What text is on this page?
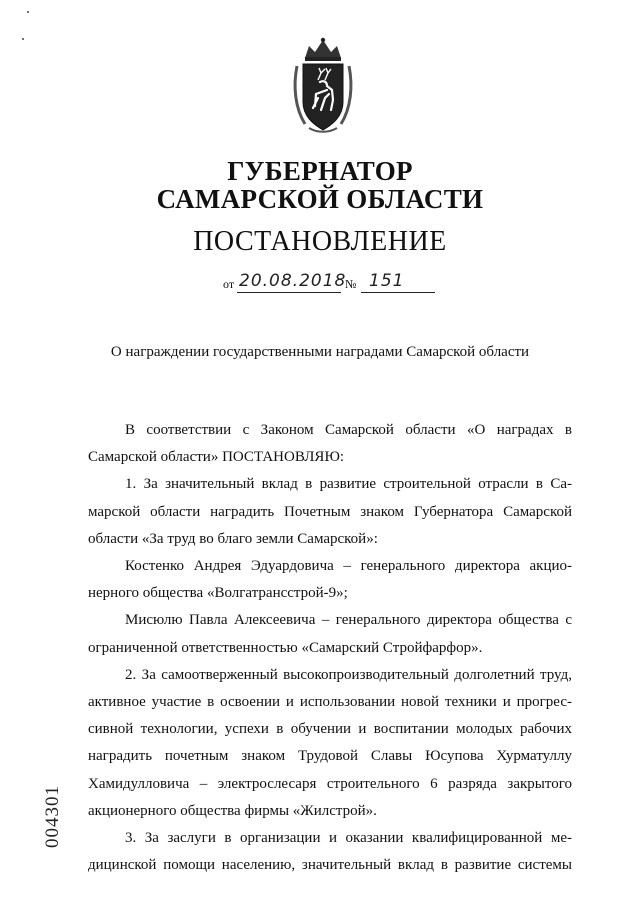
ГУБЕРНАТОР
САМАРСКОЙ ОБЛАСТИ
ПОСТАНОВЛЕНИЕ
от 20.08.2018
№ 151
О награждении государственными наградами Самарской области
В соответствии с Законом Самарской области «О наградах в
Самарской области» ПОСТАНОВЛЯЮ:
1. За значительный вклад в развитие строительной отрасли в Са-
марской области наградить Почетным знаком Губернатора Самарской
области «За труд во благо земли Самарской»:
Костенко Андрея Эдуардовича – генерального директора акцио-
нерного общества «Волгатрансстрой-9»;
Мисюлю Павла Алексеевича – генерального директора общества с
ограниченной ответственностью «Самарский Стройфарфор».
2. За самоотверженный высокопроизводительный долголетний труд,
активное участие в освоении и использовании новой техники и прогрес-
сивной технологии, успехи в обучении и воспитании молодых рабочих
наградить почетным знаком Трудовой Славы Юсупова Хурматуллу
Хамидулловича – электрослесаря строительного 6 разряда закрытого
акционерного общества фирмы «Жилстрой».
3. За заслуги в организации и оказании квалифицированной ме-
дицинской помощи населению, значительный вклад в развитие системы
004301
